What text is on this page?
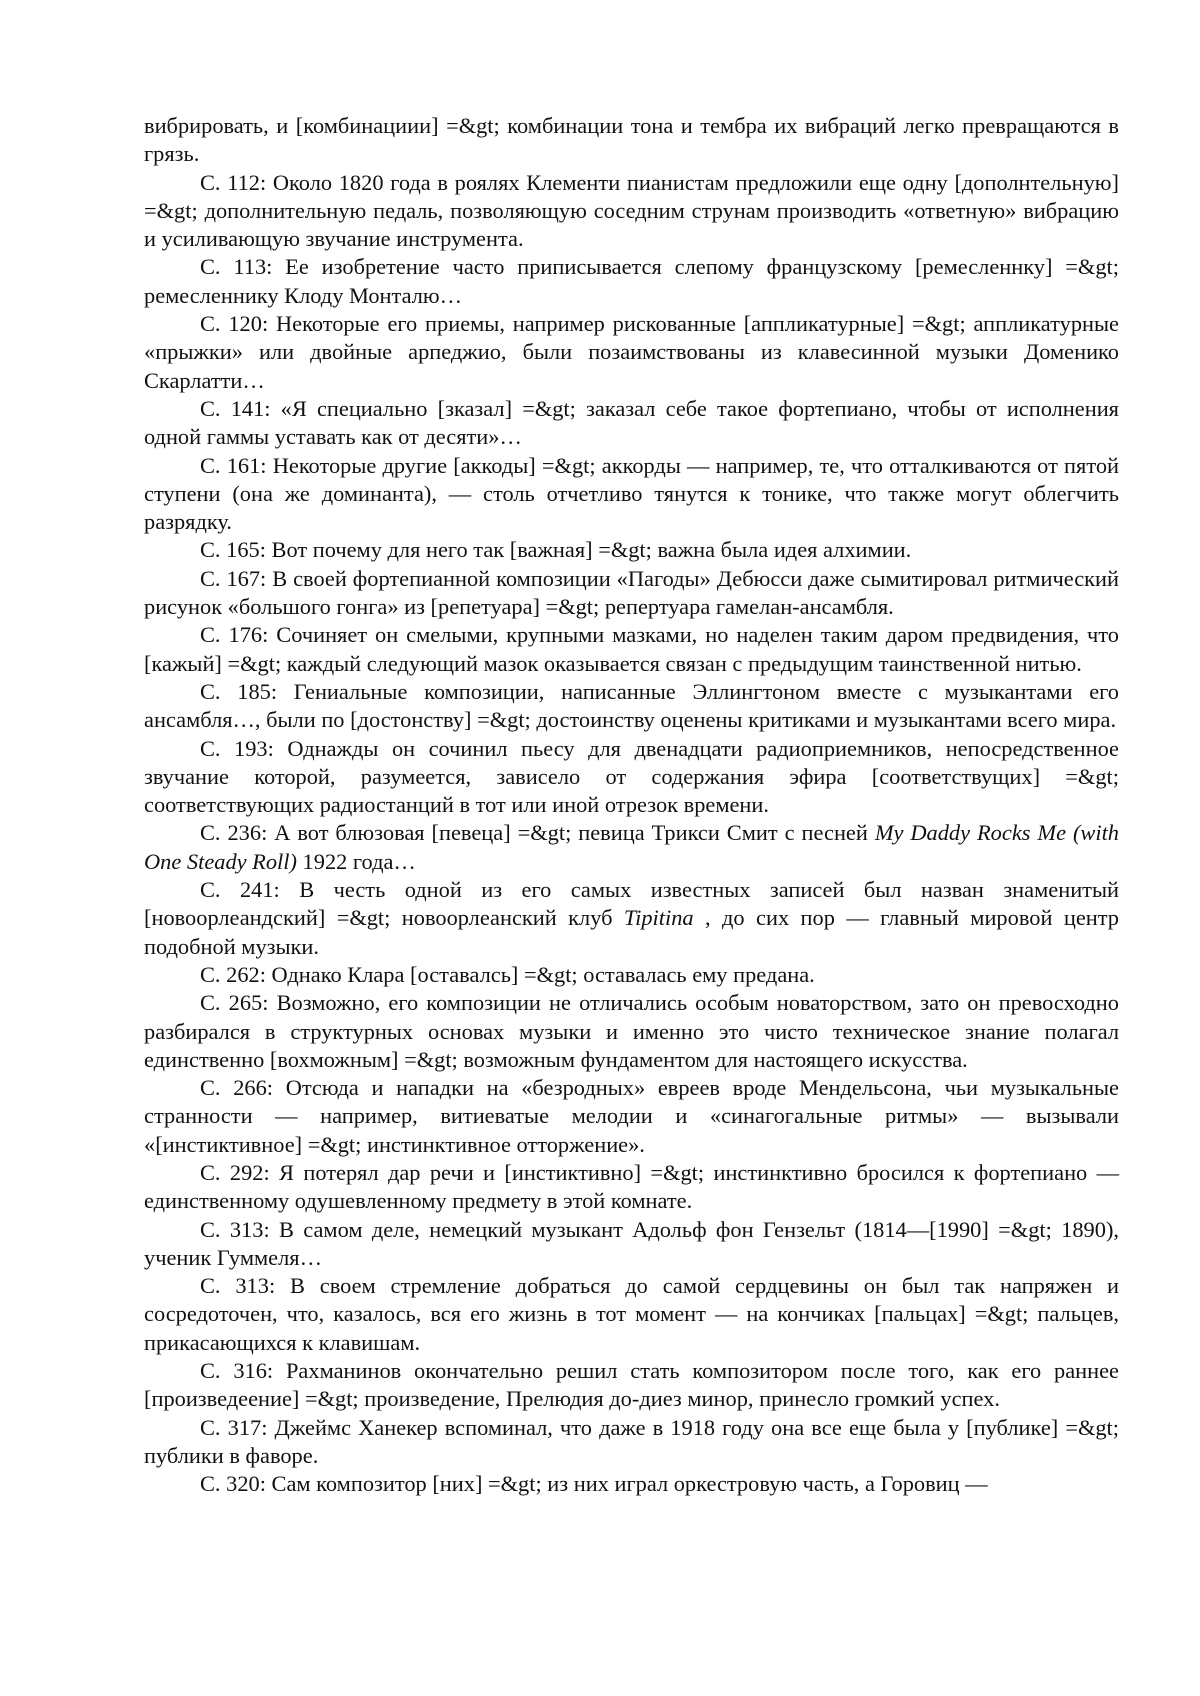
вибрировать, и [комбинациии] =&gt; комбинации тона и тембра их вибраций легко превращаются в грязь.

С. 112: Около 1820 года в роялях Клементи пианистам предложили еще одну [дополнтельную] =&gt; дополнительную педаль, позволяющую соседним струнам производить «ответную» вибрацию и усиливающую звучание инструмента.

С. 113: Ее изобретение часто приписывается слепому французскому [ремесленнку] =&gt; ремесленнику Клоду Монталю…

С. 120: Некоторые его приемы, например рискованные [аппликатурные] =&gt; аппликатурные «прыжки» или двойные арпеджио, были позаимствованы из клавесинной музыки Доменико Скарлатти…

С. 141: «Я специально [зказал] =&gt; заказал себе такое фортепиано, чтобы от исполнения одной гаммы уставать как от десяти»…

С. 161: Некоторые другие [аккоды] =&gt; аккорды — например, те, что отталкиваются от пятой ступени (она же доминанта), — столь отчетливо тянутся к тонике, что также могут облегчить разрядку.

С. 165: Вот почему для него так [важная] =&gt; важна была идея алхимии.

С. 167: В своей фортепианной композиции «Пагоды» Дебюсси даже сымитировал ритмический рисунок «большого гонга» из [репетуара] =&gt; репертуара гамелан-ансамбля.

С. 176: Сочиняет он смелыми, крупными мазками, но наделен таким даром предвидения, что [кажый] =&gt; каждый следующий мазок оказывается связан с предыдущим таинственной нитью.

С. 185: Гениальные композиции, написанные Эллингтоном вместе с музыкантами его ансамбля…, были по [достонству] =&gt; достоинству оценены критиками и музыкантами всего мира.

С. 193: Однажды он сочинил пьесу для двенадцати радиоприемников, непосредственное звучание которой, разумеется, зависело от содержания эфира [соответствущих] =&gt; соответствующих радиостанций в тот или иной отрезок времени.

С. 236: А вот блюзовая [певеца] =&gt; певица Трикси Смит с песней My Daddy Rocks Me (with One Steady Roll) 1922 года…

С. 241: В честь одной из его самых известных записей был назван знаменитый [новоорлеандский] =&gt; новоорлеанский клуб Tipitina , до сих пор — главный мировой центр подобной музыки.

С. 262: Однако Клара [оставалсь] =&gt; оставалась ему предана.

С. 265: Возможно, его композиции не отличались особым новаторством, зато он превосходно разбирался в структурных основах музыки и именно это чисто техническое знание полагал единственно [вохможным] =&gt; возможным фундаментом для настоящего искусства.

С. 266: Отсюда и нападки на «безродных» евреев вроде Мендельсона, чьи музыкальные странности — например, витиеватые мелодии и «синагогальные ритмы» — вызывали «[инстиктивное] =&gt; инстинктивное отторжение».

С. 292: Я потерял дар речи и [инстиктивно] =&gt; инстинктивно бросился к фортепиано — единственному одушевленному предмету в этой комнате.

С. 313: В самом деле, немецкий музыкант Адольф фон Гензельт (1814—[1990] =&gt; 1890), ученик Гуммеля…

С. 313: В своем стремление добраться до самой сердцевины он был так напряжен и сосредоточен, что, казалось, вся его жизнь в тот момент — на кончиках [пальцах] =&gt; пальцев, прикасающихся к клавишам.

С. 316: Рахманинов окончательно решил стать композитором после того, как его раннее [произведеение] =&gt; произведение, Прелюдия до-диез минор, принесло громкий успех.

С. 317: Джеймс Ханекер вспоминал, что даже в 1918 году она все еще была у [публике] =&gt; публики в фаворе.

С. 320: Сам композитор [них] =&gt; из них играл оркестровую часть, а Горовиц —
